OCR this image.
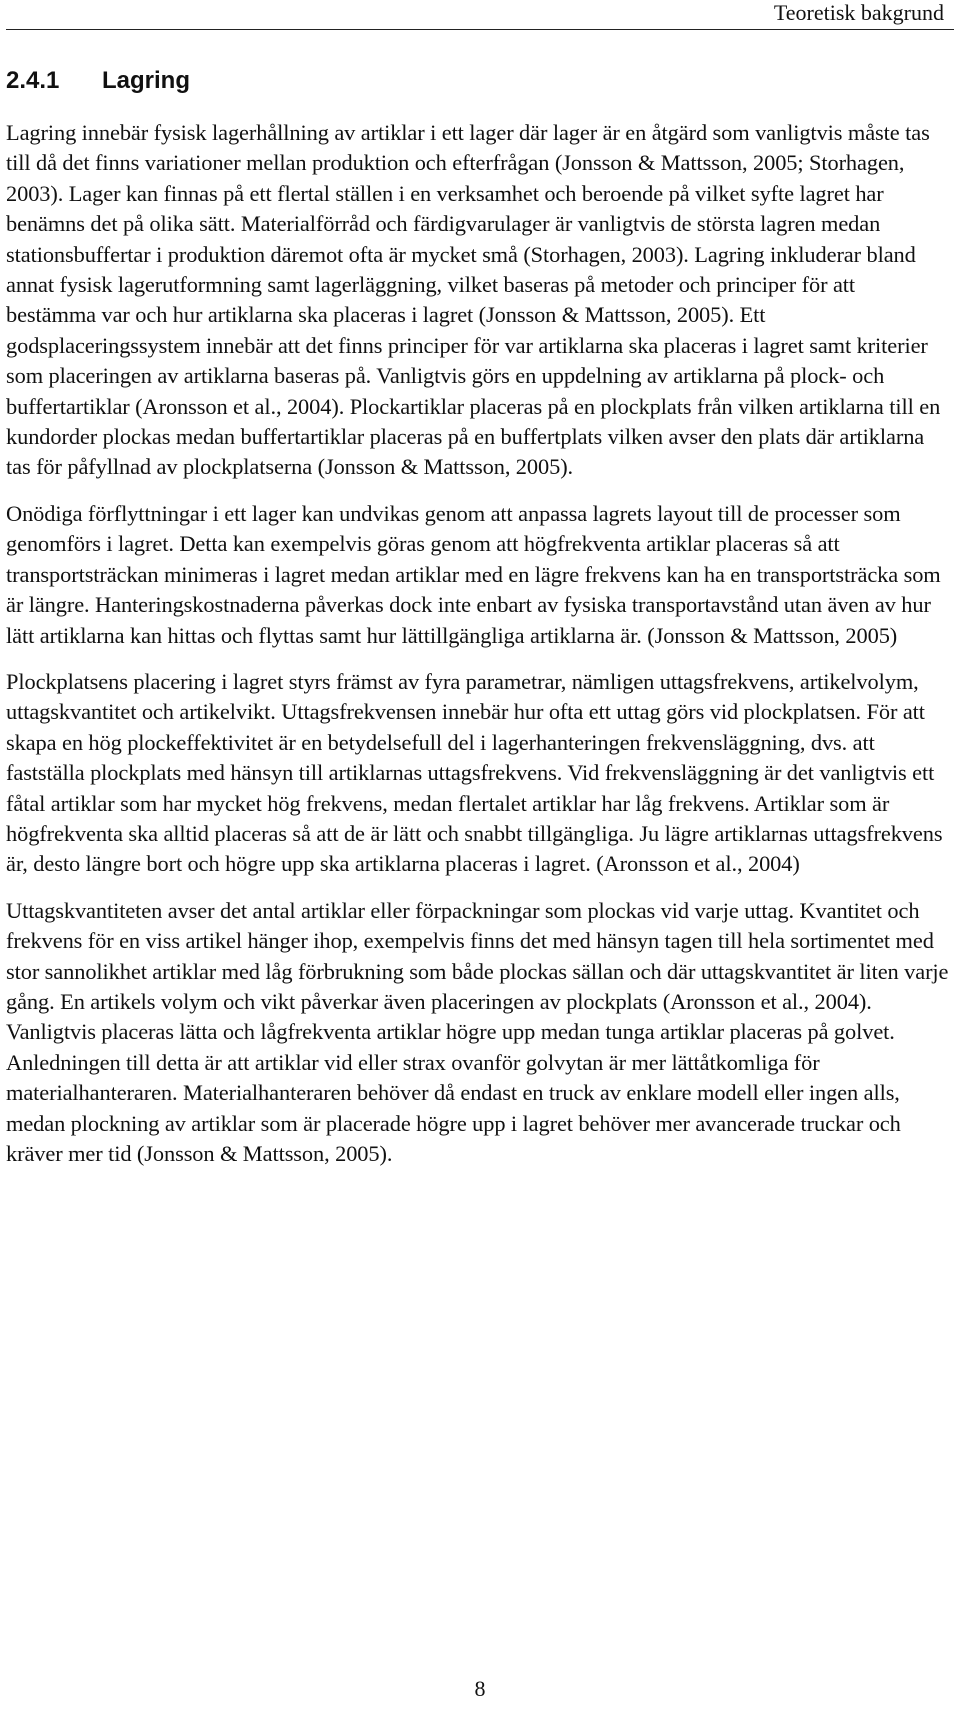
Teoretisk bakgrund
2.4.1 Lagring

Lagring innebär fysisk lagerhållning av artiklar i ett lager där lager är en åtgärd som vanligtvis måste tas till då det finns variationer mellan produktion och efterfrågan (Jonsson & Mattsson, 2005; Storhagen, 2003). Lager kan finnas på ett flertal ställen i en verksamhet och beroende på vilket syfte lagret har benämns det på olika sätt. Materialförråd och färdigvarulager är vanligtvis de största lagren medan stationsbuffertar i produktion däremot ofta är mycket små (Storhagen, 2003). Lagring inkluderar bland annat fysisk lagerutformning samt lagerläggning, vilket baseras på metoder och principer för att bestämma var och hur artiklarna ska placeras i lagret (Jonsson & Mattsson, 2005). Ett godsplaceringssystem innebär att det finns principer för var artiklarna ska placeras i lagret samt kriterier som placeringen av artiklarna baseras på. Vanligtvis görs en uppdelning av artiklarna på plock- och buffertartiklar (Aronsson et al., 2004). Plockartiklar placeras på en plockplats från vilken artiklarna till en kundorder plockas medan buffertartiklar placeras på en buffertplats vilken avser den plats där artiklarna tas för påfyllnad av plockplatserna (Jonsson & Mattsson, 2005).

Onödiga förflyttningar i ett lager kan undvikas genom att anpassa lagrets layout till de processer som genomförs i lagret. Detta kan exempelvis göras genom att högfrekventa artiklar placeras så att transportsträckan minimeras i lagret medan artiklar med en lägre frekvens kan ha en transportsträcka som är längre. Hanteringskostnaderna påverkas dock inte enbart av fysiska transportavstånd utan även av hur lätt artiklarna kan hittas och flyttas samt hur lättillgängliga artiklarna är. (Jonsson & Mattsson, 2005)

Plockplatsens placering i lagret styrs främst av fyra parametrar, nämligen uttagsfrekvens, artikelvolym, uttagskvantitet och artikelvikt. Uttagsfrekvensen innebär hur ofta ett uttag görs vid plockplatsen. För att skapa en hög plockeffektivitet är en betydelsefull del i lagerhanteringen frekvensläggning, dvs. att fastställa plockplats med hänsyn till artiklarnas uttagsfrekvens. Vid frekvensläggning är det vanligtvis ett fåtal artiklar som har mycket hög frekvens, medan flertalet artiklar har låg frekvens. Artiklar som är högfrekventa ska alltid placeras så att de är lätt och snabbt tillgängliga. Ju lägre artiklarnas uttagsfrekvens är, desto längre bort och högre upp ska artiklarna placeras i lagret. (Aronsson et al., 2004)

Uttagskvantiteten avser det antal artiklar eller förpackningar som plockas vid varje uttag. Kvantitet och frekvens för en viss artikel hänger ihop, exempelvis finns det med hänsyn tagen till hela sortimentet med stor sannolikhet artiklar med låg förbrukning som både plockas sällan och där uttagskvantitet är liten varje gång. En artikels volym och vikt påverkar även placeringen av plockplats (Aronsson et al., 2004). Vanligtvis placeras lätta och lågfrekventa artiklar högre upp medan tunga artiklar placeras på golvet. Anledningen till detta är att artiklar vid eller strax ovanför golvytan är mer lättåtkomliga för materialhanteraren. Materialhanteraren behöver då endast en truck av enklare modell eller ingen alls, medan plockning av artiklar som är placerade högre upp i lagret behöver mer avancerade truckar och kräver mer tid (Jonsson & Mattsson, 2005).

8
